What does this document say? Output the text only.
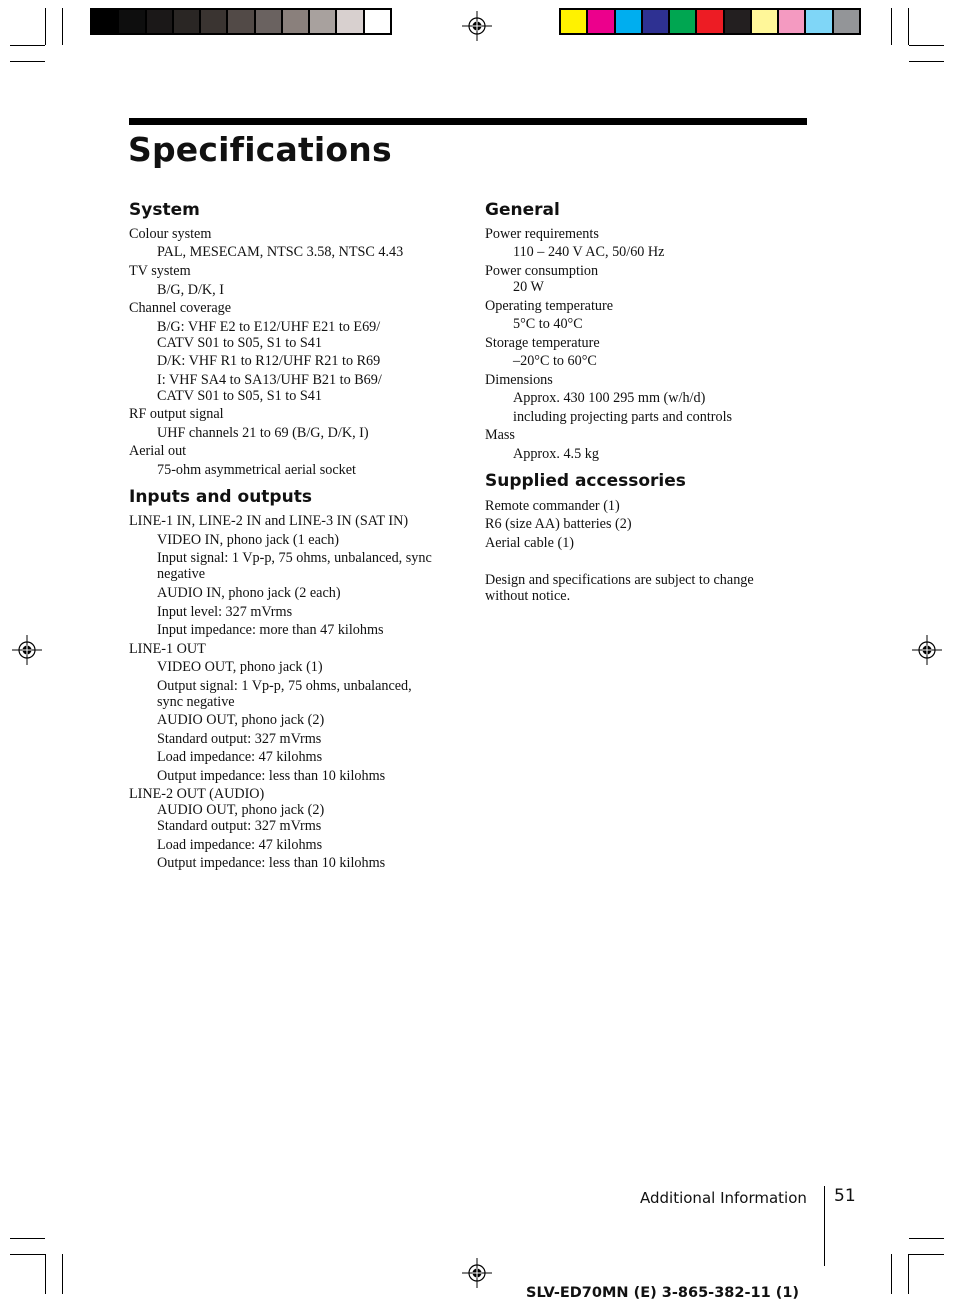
Specifications
System
Colour system
PAL, MESECAM, NTSC 3.58, NTSC 4.43
TV system
B/G, D/K, I
Channel coverage
B/G: VHF E2 to E12/UHF E21 to E69/
CATV S01 to S05, S1 to S41
D/K: VHF R1 to R12/UHF R21 to R69
I: VHF SA4 to SA13/UHF B21 to B69/
CATV S01 to S05, S1 to S41
RF output signal
UHF channels 21 to 69 (B/G, D/K, I)
Aerial out
75-ohm asymmetrical aerial socket
Inputs and outputs
LINE-1 IN, LINE-2 IN and LINE-3 IN (SAT IN)
VIDEO IN, phono jack (1 each)
Input signal: 1 Vp-p, 75 ohms, unbalanced, sync
negative
AUDIO IN, phono jack (2 each)
Input level: 327 mVrms
Input impedance: more than 47 kilohms
LINE-1 OUT
VIDEO OUT, phono jack (1)
Output signal: 1 Vp-p, 75 ohms, unbalanced,
sync negative
AUDIO OUT, phono jack (2)
Standard output: 327 mVrms
Load impedance: 47 kilohms
Output impedance: less than 10 kilohms
LINE-2 OUT (AUDIO)
AUDIO OUT, phono jack (2)
Standard output: 327 mVrms
Load impedance: 47 kilohms
Output impedance: less than 10 kilohms
General
Power requirements
110 – 240 V AC, 50/60 Hz
Power consumption
20 W
Operating temperature
5°C to 40°C
Storage temperature
–20°C to 60°C
Dimensions
Approx. 430 100 295 mm (w/h/d)
including projecting parts and controls
Mass
Approx. 4.5 kg
Supplied accessories
Remote commander (1)
R6 (size AA) batteries (2)
Aerial cable (1)
Design and specifications are subject to change
without notice.
Additional Information 51
SLV-ED70MN (E) 3-865-382-11 (1)
